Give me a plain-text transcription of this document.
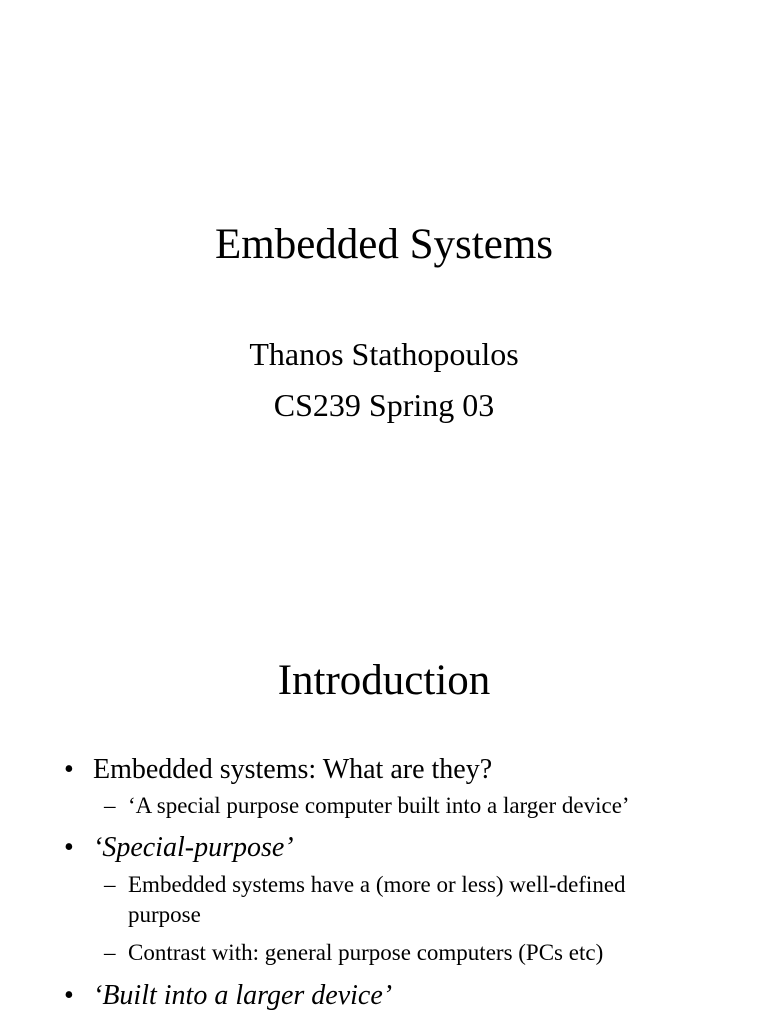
Embedded Systems
Thanos Stathopoulos
CS239 Spring 03
Introduction
• Embedded systems: What are they?
– ‘A special purpose computer built into a larger device’
• ‘Special-purpose’
– Embedded systems have a (more or less) well-defined purpose
– Contrast with: general purpose computers (PCs etc)
• ‘Built into a larger device’
